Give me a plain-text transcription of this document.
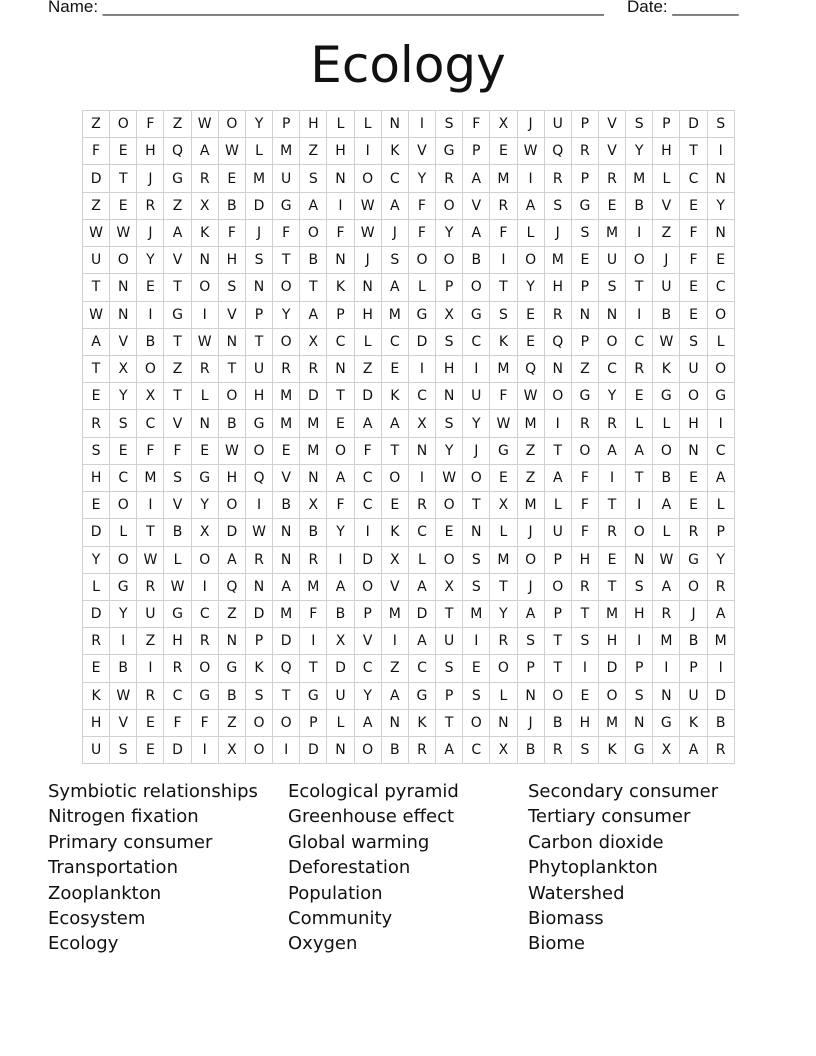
Name: _____________________________________________________ Date: _______
Ecology
Z	O	F	Z	W	O	Y	P	H	L	L	N	I	S	F	X	J	U	P	V	S	P	D	S
F	E	H	Q	A	W	L	M	Z	H	I	K	V	G	P	E	W	Q	R	V	Y	H	T	I
D	T	J	G	R	E	M	U	S	N	O	C	Y	R	A	M	I	R	P	R	M	L	C	N
Z	E	R	Z	X	B	D	G	A	I	W	A	F	O	V	R	A	S	G	E	B	V	E	Y
W	W	J	A	K	F	J	F	O	F	W	J	F	Y	A	F	L	J	S	M	I	Z	F	N
U	O	Y	V	N	H	S	T	B	N	J	S	O	O	B	I	O	M	E	U	O	J	F	E
T	N	E	T	O	S	N	O	T	K	N	A	L	P	O	T	Y	H	P	S	T	U	E	C
W	N	I	G	I	V	P	Y	A	P	H	M	G	X	G	S	E	R	N	N	I	B	E	O
A	V	B	T	W	N	T	O	X	C	L	C	D	S	C	K	E	Q	P	O	C	W	S	L
T	X	O	Z	R	T	U	R	R	N	Z	E	I	H	I	M	Q	N	Z	C	R	K	U	O
E	Y	X	T	L	O	H	M	D	T	D	K	C	N	U	F	W	O	G	Y	E	G	O	G
R	S	C	V	N	B	G	M	M	E	A	A	X	S	Y	W	M	I	R	R	L	L	H	I
S	E	F	F	E	W	O	E	M	O	F	T	N	Y	J	G	Z	T	O	A	A	O	N	C
H	C	M	S	G	H	Q	V	N	A	C	O	I	W	O	E	Z	A	F	I	T	B	E	A
E	O	I	V	Y	O	I	B	X	F	C	E	R	O	T	X	M	L	F	T	I	A	E	L
D	L	T	B	X	D	W	N	B	Y	I	K	C	E	N	L	J	U	F	R	O	L	R	P
Y	O	W	L	O	A	R	N	R	I	D	X	L	O	S	M	O	P	H	E	N	W	G	Y
L	G	R	W	I	Q	N	A	M	A	O	V	A	X	S	T	J	O	R	T	S	A	O	R
D	Y	U	G	C	Z	D	M	F	B	P	M	D	T	M	Y	A	P	T	M	H	R	J	A
R	I	Z	H	R	N	P	D	I	X	V	I	A	U	I	R	S	T	S	H	I	M	B	M
E	B	I	R	O	G	K	Q	T	D	C	Z	C	S	E	O	P	T	I	D	P	I	P	I
K	W	R	C	G	B	S	T	G	U	Y	A	G	P	S	L	N	O	E	O	S	N	U	D
H	V	E	F	F	Z	O	O	P	L	A	N	K	T	O	N	J	B	H	M	N	G	K	B
U	S	E	D	I	X	O	I	D	N	O	B	R	A	C	X	B	R	S	K	G	X	A	R
Symbiotic relationships
Nitrogen fixation
Primary consumer
Transportation
Zooplankton
Ecosystem
Ecology
Ecological pyramid
Greenhouse effect
Global warming
Deforestation
Population
Community
Oxygen
Secondary consumer
Tertiary consumer
Carbon dioxide
Phytoplankton
Watershed
Biomass
Biome
